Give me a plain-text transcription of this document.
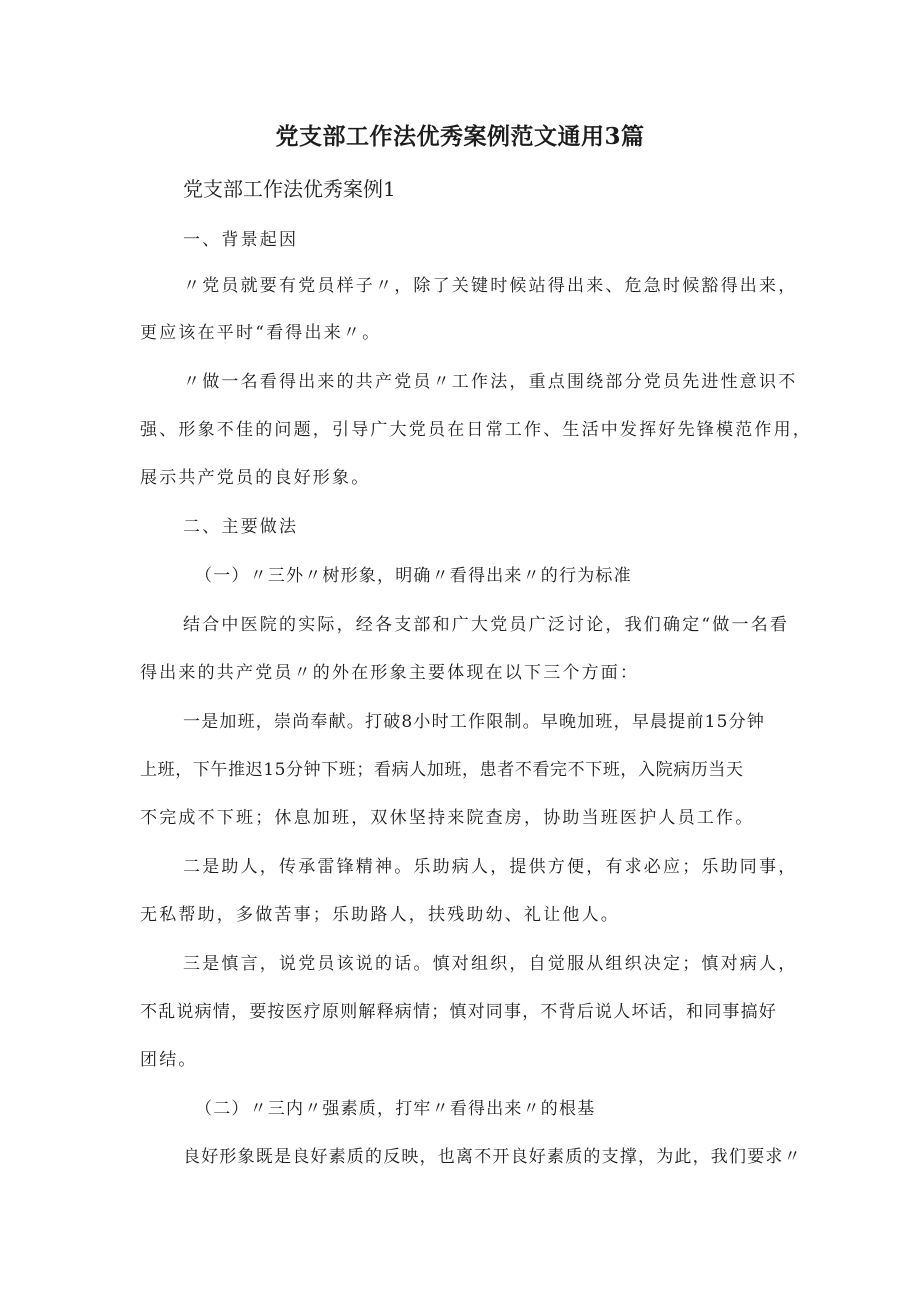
党支部工作法优秀案例范文通用3篇
党支部工作法优秀案例1
一、背景起因
〃党员就要有党员样子〃，除了关键时候站得出来、危急时候豁得出来，
更应该在平时“看得出来〃。
〃做一名看得出来的共产党员〃工作法，重点围绕部分党员先进性意识不
强、形象不佳的问题，引导广大党员在日常工作、生活中发挥好先锋模范作用，
展示共产党员的良好形象。
二、主要做法
（一）〃三外〃树形象，明确〃看得出来〃的行为标准
结合中医院的实际，经各支部和广大党员广泛讨论，我们确定“做一名看
得出来的共产党员〃的外在形象主要体现在以下三个方面：
一是加班，崇尚奉献。打破8小时工作限制。早晚加班，早晨提前15分钟
上班，下午推迟15分钟下班；看病人加班，患者不看完不下班，入院病历当天
不完成不下班；休息加班，双休坚持来院查房，协助当班医护人员工作。
二是助人，传承雷锋精神。乐助病人，提供方便，有求必应；乐助同事，
无私帮助，多做苦事；乐助路人，扶残助幼、礼让他人。
三是慎言，说党员该说的话。慎对组织，自觉服从组织决定；慎对病人，
不乱说病情，要按医疗原则解释病情；慎对同事，不背后说人坏话，和同事搞好
团结。
（二）〃三内〃强素质，打牢〃看得出来〃的根基
良好形象既是良好素质的反映，也离不开良好素质的支撑，为此，我们要求〃
